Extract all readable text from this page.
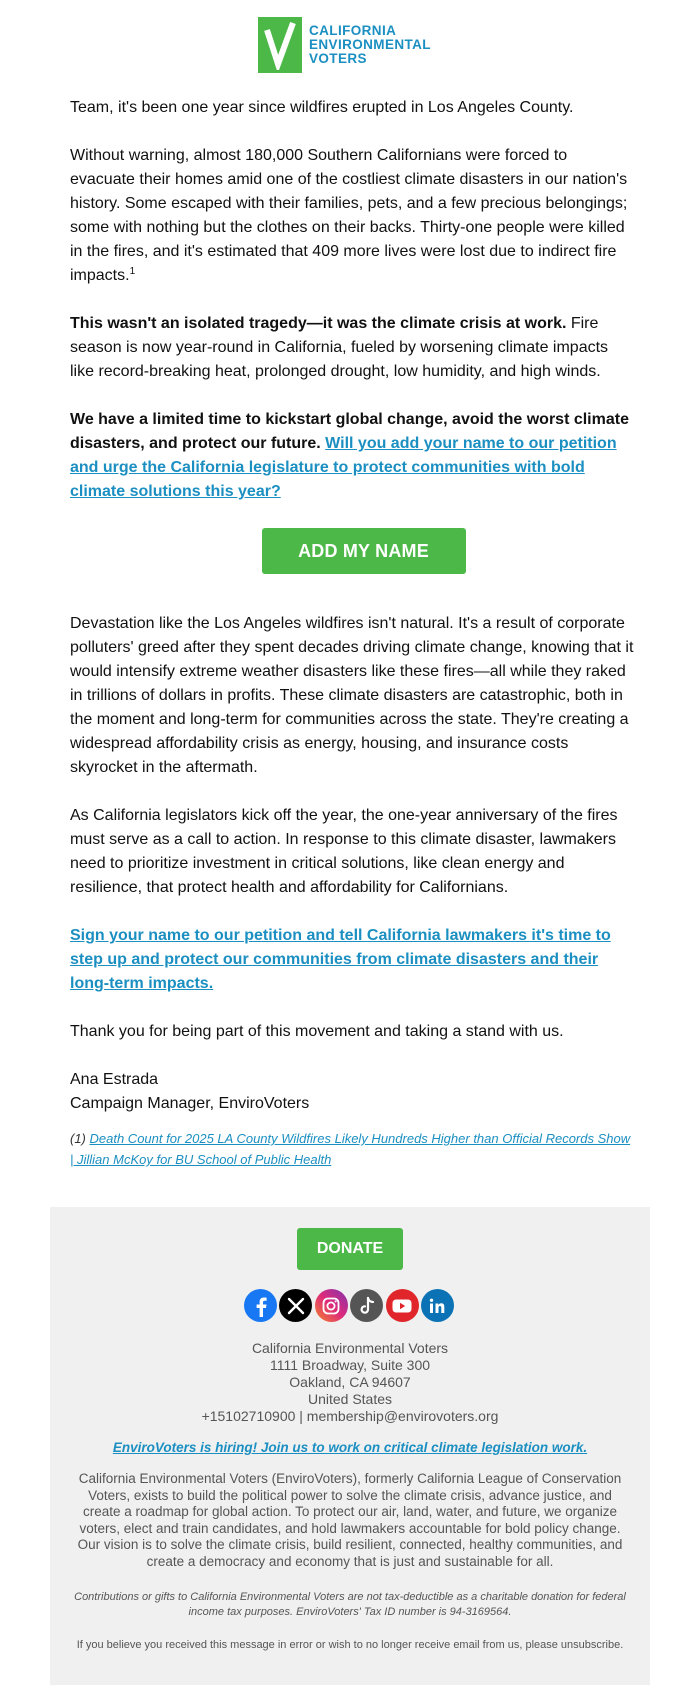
CALIFORNIA
ENVIRONMENTAL
VOTERS

Team, it's been one year since wildfires erupted in Los Angeles County.

Without warning, almost 180,000 Southern Californians were forced to evacuate their homes amid one of the costliest climate disasters in our nation's history. Some escaped with their families, pets, and a few precious belongings; some with nothing but the clothes on their backs. Thirty-one people were killed in the fires, and it's estimated that 409 more lives were lost due to indirect fire impacts.$^1$

This wasn't an isolated tragedy—it was the climate crisis at work. Fire season is now year-round in California, fueled by worsening climate impacts like record-breaking heat, prolonged drought, low humidity, and high winds.

We have a limited time to kickstart global change, avoid the worst climate disasters, and protect our future. Will you add your name to our petition and urge the California legislature to protect communities with bold climate solutions this year?

ADD MY NAME

Devastation like the Los Angeles wildfires isn't natural. It's a result of corporate polluters' greed after they spent decades driving climate change, knowing that it would intensify extreme weather disasters like these fires—all while they raked in trillions of dollars in profits. These climate disasters are catastrophic, both in the moment and long-term for communities across the state. They're creating a widespread affordability crisis as energy, housing, and insurance costs skyrocket in the aftermath.

As California legislators kick off the year, the one-year anniversary of the fires must serve as a call to action. In response to this climate disaster, lawmakers need to prioritize investment in critical solutions, like clean energy and resilience, that protect health and affordability for Californians.

Sign your name to our petition and tell California lawmakers it's time to step up and protect our communities from climate disasters and their long-term impacts.

Thank you for being part of this movement and taking a stand with us.

Ana Estrada
Campaign Manager, EnviroVoters

(1) Death Count for 2025 LA County Wildfires Likely Hundreds Higher than Official Records Show | Jillian McKoy for BU School of Public Health
DONATE
California Environmental Voters
1111 Broadway, Suite 300
Oakland, CA 94607
United States
+15102710900 | membership@envirovoters.org
EnviroVoters is hiring! Join us to work on critical climate legislation work.
California Environmental Voters (EnviroVoters), formerly California League of Conservation Voters, exists to build the political power to solve the climate crisis, advance justice, and create a roadmap for global action. To protect our air, land, water, and future, we organize voters, elect and train candidates, and hold lawmakers accountable for bold policy change. Our vision is to solve the climate crisis, build resilient, connected, healthy communities, and create a democracy and economy that is just and sustainable for all.
Contributions or gifts to California Environmental Voters are not tax-deductible as a charitable donation for federal income tax purposes. EnviroVoters' Tax ID number is 94-3169564.
If you believe you received this message in error or wish to no longer receive email from us, please unsubscribe.
